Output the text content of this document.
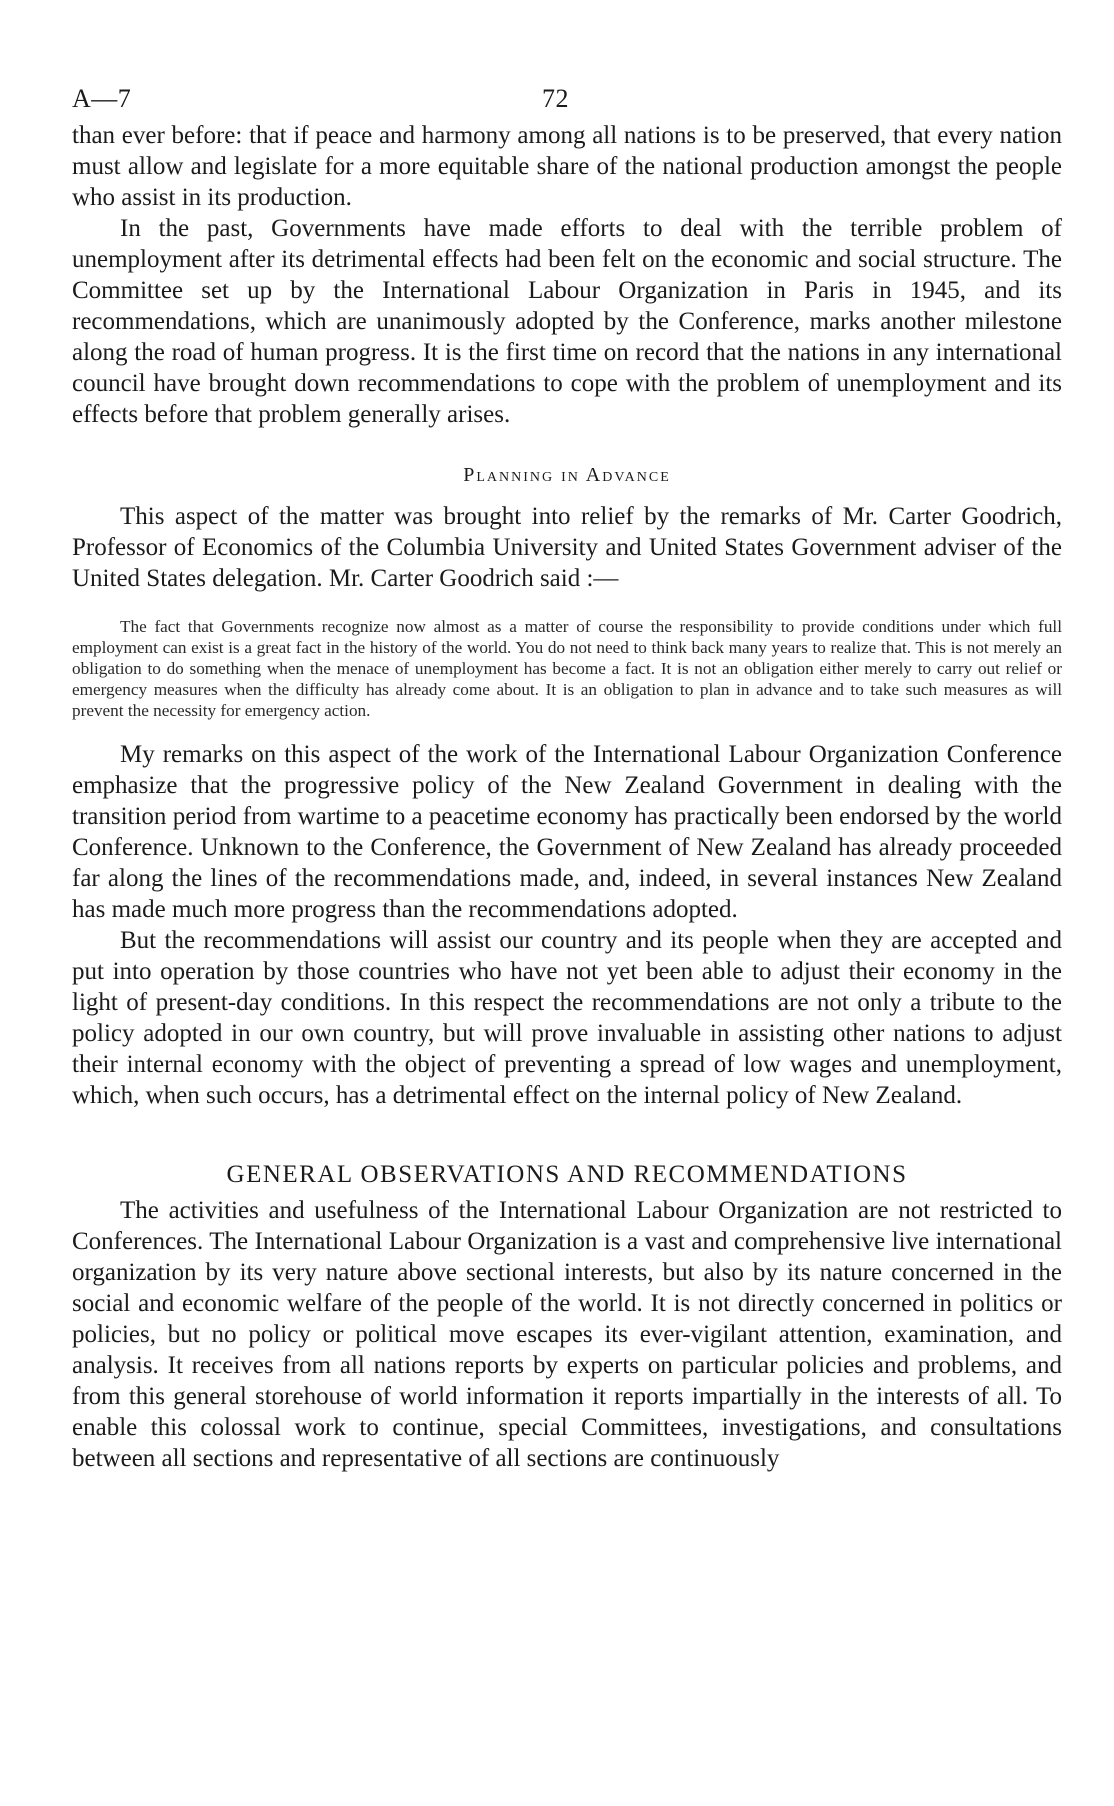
A—7	72

than ever before: that if peace and harmony among all nations is to be preserved, that every nation must allow and legislate for a more equitable share of the national production amongst the people who assist in its production.

In the past, Governments have made efforts to deal with the terrible problem of unemployment after its detrimental effects had been felt on the economic and social structure. The Committee set up by the International Labour Organization in Paris in 1945, and its recommendations, which are unanimously adopted by the Conference, marks another milestone along the road of human progress. It is the first time on record that the nations in any international council have brought down recommendations to cope with the problem of unemployment and its effects before that problem generally arises.

Planning in Advance

This aspect of the matter was brought into relief by the remarks of Mr. Carter Goodrich, Professor of Economics of the Columbia University and United States Government adviser of the United States delegation. Mr. Carter Goodrich said :—

The fact that Governments recognize now almost as a matter of course the responsibility to provide conditions under which full employment can exist is a great fact in the history of the world. You do not need to think back many years to realize that. This is not merely an obligation to do something when the menace of unemployment has become a fact. It is not an obligation either merely to carry out relief or emergency measures when the difficulty has already come about. It is an obligation to plan in advance and to take such measures as will prevent the necessity for emergency action.

My remarks on this aspect of the work of the International Labour Organization Conference emphasize that the progressive policy of the New Zealand Government in dealing with the transition period from wartime to a peacetime economy has practically been endorsed by the world Conference. Unknown to the Conference, the Government of New Zealand has already proceeded far along the lines of the recommendations made, and, indeed, in several instances New Zealand has made much more progress than the recommendations adopted.

But the recommendations will assist our country and its people when they are accepted and put into operation by those countries who have not yet been able to adjust their economy in the light of present-day conditions. In this respect the recommendations are not only a tribute to the policy adopted in our own country, but will prove invaluable in assisting other nations to adjust their internal economy with the object of preventing a spread of low wages and unemployment, which, when such occurs, has a detrimental effect on the internal policy of New Zealand.

GENERAL OBSERVATIONS AND RECOMMENDATIONS

The activities and usefulness of the International Labour Organization are not restricted to Conferences. The International Labour Organization is a vast and comprehensive live international organization by its very nature above sectional interests, but also by its nature concerned in the social and economic welfare of the people of the world. It is not directly concerned in politics or policies, but no policy or political move escapes its ever-vigilant attention, examination, and analysis. It receives from all nations reports by experts on particular policies and problems, and from this general storehouse of world information it reports impartially in the interests of all. To enable this colossal work to continue, special Committees, investigations, and consultations between all sections and representative of all sections are continuously
